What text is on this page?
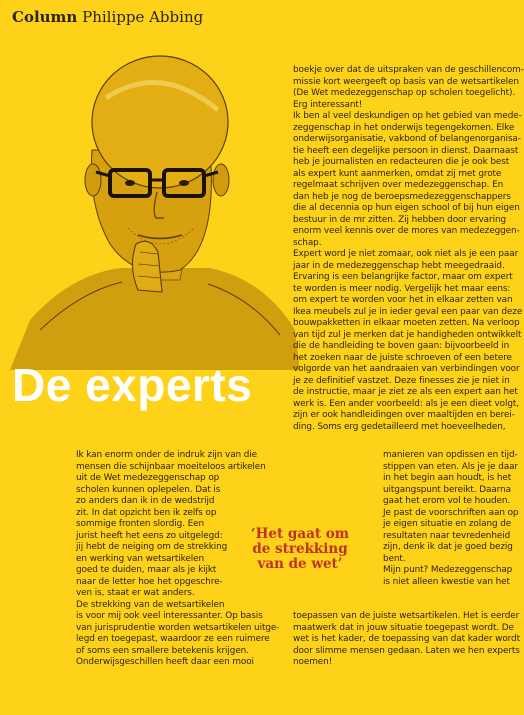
Column Philippe Abbing
De experts

boekje over dat de uitspraken van de geschillencom-
missie kort weergeeft op basis van de wetsartikelen
(De Wet medezeggenschap op scholen toegelicht).
Erg interessant!
Ik ben al veel deskundigen op het gebied van mede-
zeggenschap in het onderwijs tegengekomen. Elke
onderwijsorganisatie, vakbond of belangenorganisa-
tie heeft een degelijke persoon in dienst. Daarnaast
heb je journalisten en redacteuren die je ook best
als expert kunt aanmerken, omdat zij met grote
regelmaat schrijven over medezeggenschap. En
dan heb je nog de beroepsmedezeggenschappers
die al decennia op hun eigen school of bij hun eigen
bestuur in de mr zitten. Zij hebben door ervaring
enorm veel kennis over de mores van medezeggen-
schap.
Expert word je niet zomaar, ook niet als je een paar
jaar in de medezeggenschap hebt meegedraaid.
Ervaring is een belangrijke factor, maar om expert
te worden is meer nodig. Vergelijk het maar eens:
om expert te worden voor het in elkaar zetten van
Ikea meubels zul je in ieder geval een paar van deze
bouwpakketten in elkaar moeten zetten. Na verloop
van tijd zul je merken dat je handigheden ontwikkelt
die de handleiding te boven gaan: bijvoorbeeld in
het zoeken naar de juiste schroeven of een betere
volgorde van het aandraaien van verbindingen voor
je ze definitief vastzet. Deze finesses zie je niet in
de instructie, maar je ziet ze als een expert aan het
werk is. Een ander voorbeeld: als je een dieet volgt,
zijn er ook handleidingen over maaltijden en berei-
ding. Soms erg gedetailleerd met hoeveelheden,

Ik kan enorm onder de indruk zijn van die
mensen die schijnbaar moeiteloos artikelen
uit de Wet medezeggenschap op
scholen kunnen oplepelen. Dat is
zo anders dan ik in de wedstrijd
zit. In dat opzicht ben ik zelfs op
sommige fronten slordig. Een
jurist heeft het eens zo uitgelegd:
jij hebt de neiging om de strekking
en werking van wetsartikelen
goed te duiden, maar als je kijkt
naar de letter hoe het opgeschre-
ven is, staat er wat anders.
De strekking van de wetsartikelen
is voor mij ook veel interessanter. Op basis
van jurisprudentie worden wetsartikelen uitge-
legd en toegepast, waardoor ze een ruimere
of soms een smallere betekenis krijgen.
Onderwijsgeschillen heeft daar een mooi

‘Het gaat om de strekking van de wet’

manieren van opdissen en tijd-
stippen van eten. Als je je daar
in het begin aan houdt, is het
uitgangspunt bereikt. Daarna
gaat het erom vol te houden.
Je past de voorschriften aan op
je eigen situatie en zolang de
resultaten naar tevredenheid
zijn, denk ik dat je goed bezig
bent.
Mijn punt? Medezeggenschap
is niet alleen kwestie van het

toepassen van de juiste wetsartikelen. Het is eerder
maatwerk dat in jouw situatie toegepast wordt. De
wet is het kader, de toepassing van dat kader wordt
door slimme mensen gedaan. Laten we hen experts
noemen!
